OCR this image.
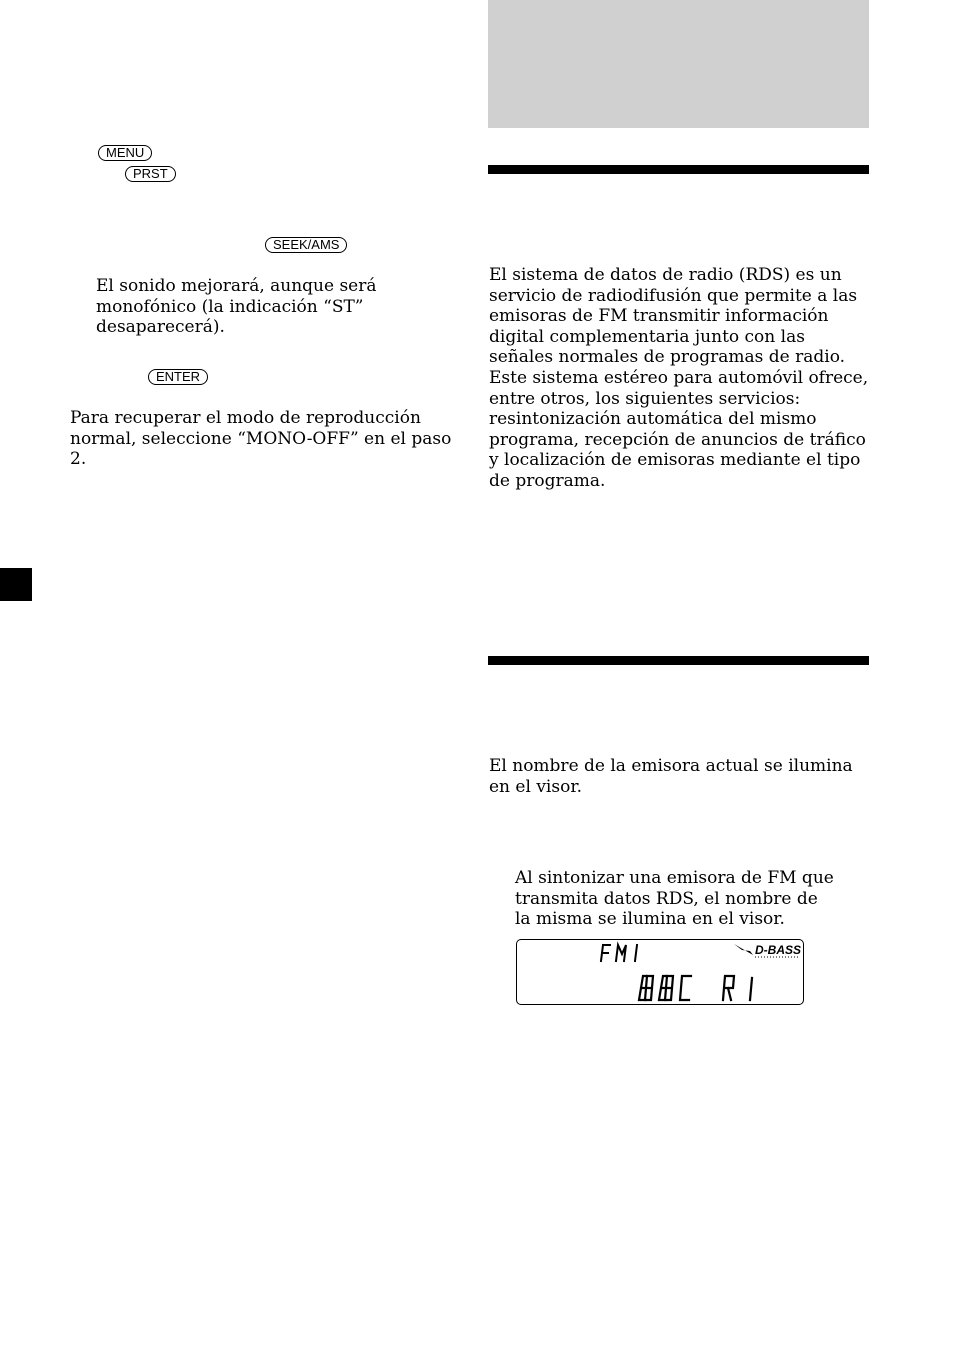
MENU
PRST
SEEK/AMS
ENTER
El sonido mejorará, aunque será monofónico (la indicación “ST” desaparecerá).
Para recuperar el modo de reproducción normal, seleccione “MONO-OFF” en el paso 2.
El sistema de datos de radio (RDS) es un servicio de radiodifusión que permite a las emisoras de FM transmitir información digital complementaria junto con las señales normales de programas de radio. Este sistema estéreo para automóvil ofrece, entre otros, los siguientes servicios: resintonización automática del mismo programa, recepción de anuncios de tráfico y localización de emisoras mediante el tipo de programa.
El nombre de la emisora actual se ilumina en el visor.
Al sintonizar una emisora de FM que transmita datos RDS, el nombre de la misma se ilumina en el visor.
D-BASS
